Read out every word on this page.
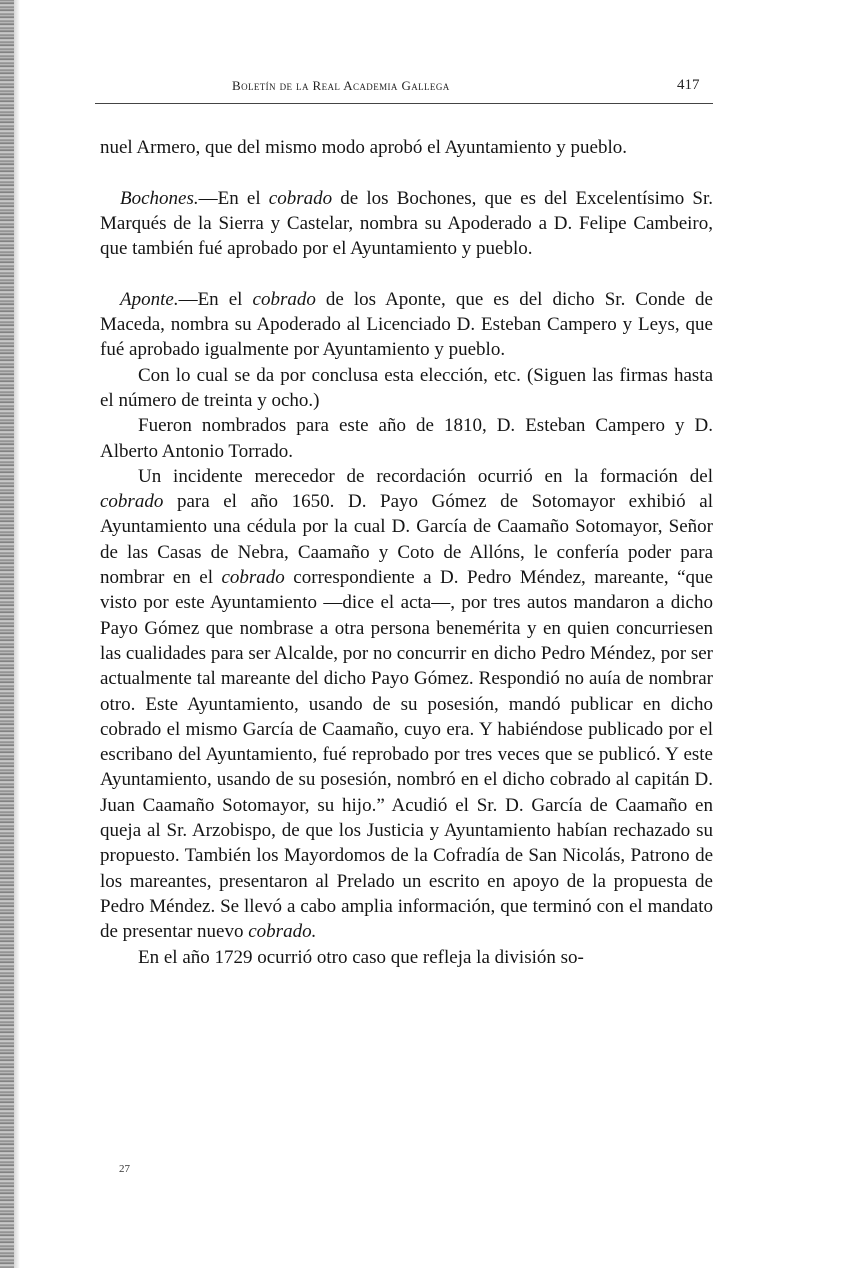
Boletín de la Real Academia Gallega	417

nuel Armero, que del mismo modo aprobó el Ayuntamiento y pueblo.

Bochones.—En el cobrado de los Bochones, que es del Excelentísimo Sr. Marqués de la Sierra y Castelar, nombra su Apoderado a D. Felipe Cambeiro, que también fué aprobado por el Ayuntamiento y pueblo.

Aponte.—En el cobrado de los Aponte, que es del dicho Sr. Conde de Maceda, nombra su Apoderado al Licenciado D. Esteban Campero y Leys, que fué aprobado igualmente por Ayuntamiento y pueblo.

Con lo cual se da por conclusa esta elección, etc. (Siguen las firmas hasta el número de treinta y ocho.)

Fueron nombrados para este año de 1810, D. Esteban Campero y D. Alberto Antonio Torrado.

Un incidente merecedor de recordación ocurrió en la formación del cobrado para el año 1650. D. Payo Gómez de Sotomayor exhibió al Ayuntamiento una cédula por la cual D. García de Caamaño Sotomayor, Señor de las Casas de Nebra, Caamaño y Coto de Allóns, le confería poder para nombrar en el cobrado correspondiente a D. Pedro Méndez, mareante, “que visto por este Ayuntamiento —dice el acta—, por tres autos mandaron a dicho Payo Gómez que nombrase a otra persona benemérita y en quien concurriesen las cualidades para ser Alcalde, por no concurrir en dicho Pedro Méndez, por ser actualmente tal mareante del dicho Payo Gómez. Respondió no auía de nombrar otro. Este Ayuntamiento, usando de su posesión, mandó publicar en dicho cobrado el mismo García de Caamaño, cuyo era. Y habiéndose publicado por el escribano del Ayuntamiento, fué reprobado por tres veces que se publicó. Y este Ayuntamiento, usando de su posesión, nombró en el dicho cobrado al capitán D. Juan Caamaño Sotomayor, su hijo.” Acudió el Sr. D. García de Caamaño en queja al Sr. Arzobispo, de que los Justicia y Ayuntamiento habían rechazado su propuesto. También los Mayordomos de la Cofradía de San Nicolás, Patrono de los mareantes, presentaron al Prelado un escrito en apoyo de la propuesta de Pedro Méndez. Se llevó a cabo amplia información, que terminó con el mandato de presentar nuevo cobrado.

En el año 1729 ocurrió otro caso que refleja la división so-

27
